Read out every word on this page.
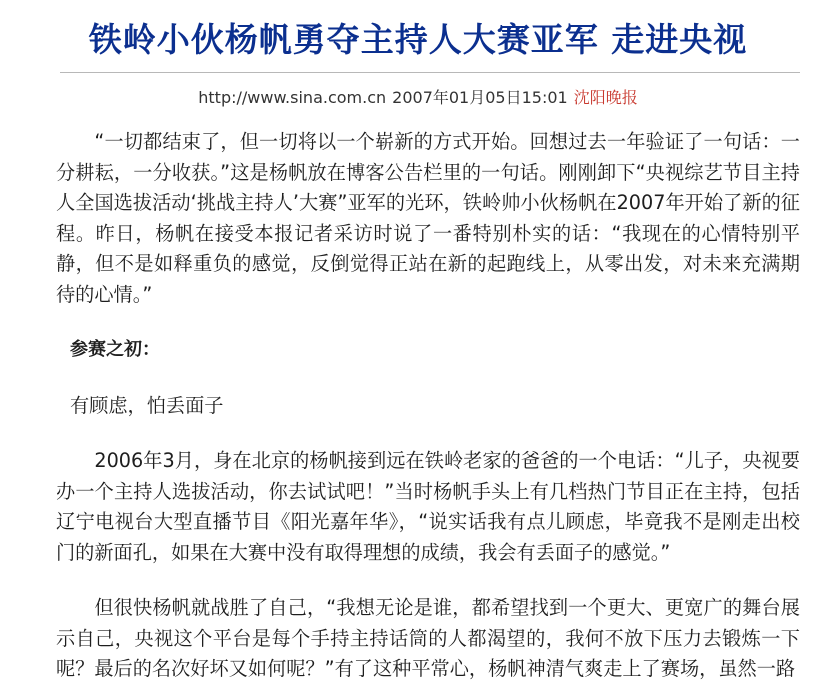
铁岭小伙杨帆勇夺主持人大赛亚军 走进央视
http://www.sina.com.cn 2007年01月05日15:01 沈阳晚报

“一切都结束了，但一切将以一个崭新的方式开始。回想过去一年验证了一句话：一分耕耘，一分收获。”这是杨帆放在博客公告栏里的一句话。刚刚卸下“央视综艺节目主持人全国选拔活动‘挑战主持人’大赛”亚军的光环，铁岭帅小伙杨帆在2007年开始了新的征程。昨日，杨帆在接受本报记者采访时说了一番特别朴实的话：“我现在的心情特别平静，但不是如释重负的感觉，反倒觉得正站在新的起跑线上，从零出发，对未来充满期待的心情。”

参赛之初：
有顾虑，怕丢面子

2006年3月，身在北京的杨帆接到远在铁岭老家的爸爸的一个电话：“儿子，央视要办一个主持人选拔活动，你去试试吧！”当时杨帆手头上有几档热门节目正在主持，包括辽宁电视台大型直播节目《阳光嘉年华》，“说实话我有点儿顾虑，毕竟我不是刚走出校门的新面孔，如果在大赛中没有取得理想的成绩，我会有丢面子的感觉。”

但很快杨帆就战胜了自己，“我想无论是谁，都希望找到一个更大、更宽广的舞台展示自己，央视这个平台是每个手持主持话筒的人都渴望的，我何不放下压力去锻炼一下呢？最后的名次好坏又如何呢？”有了这种平常心，杨帆神清气爽走上了赛场，虽然一路
